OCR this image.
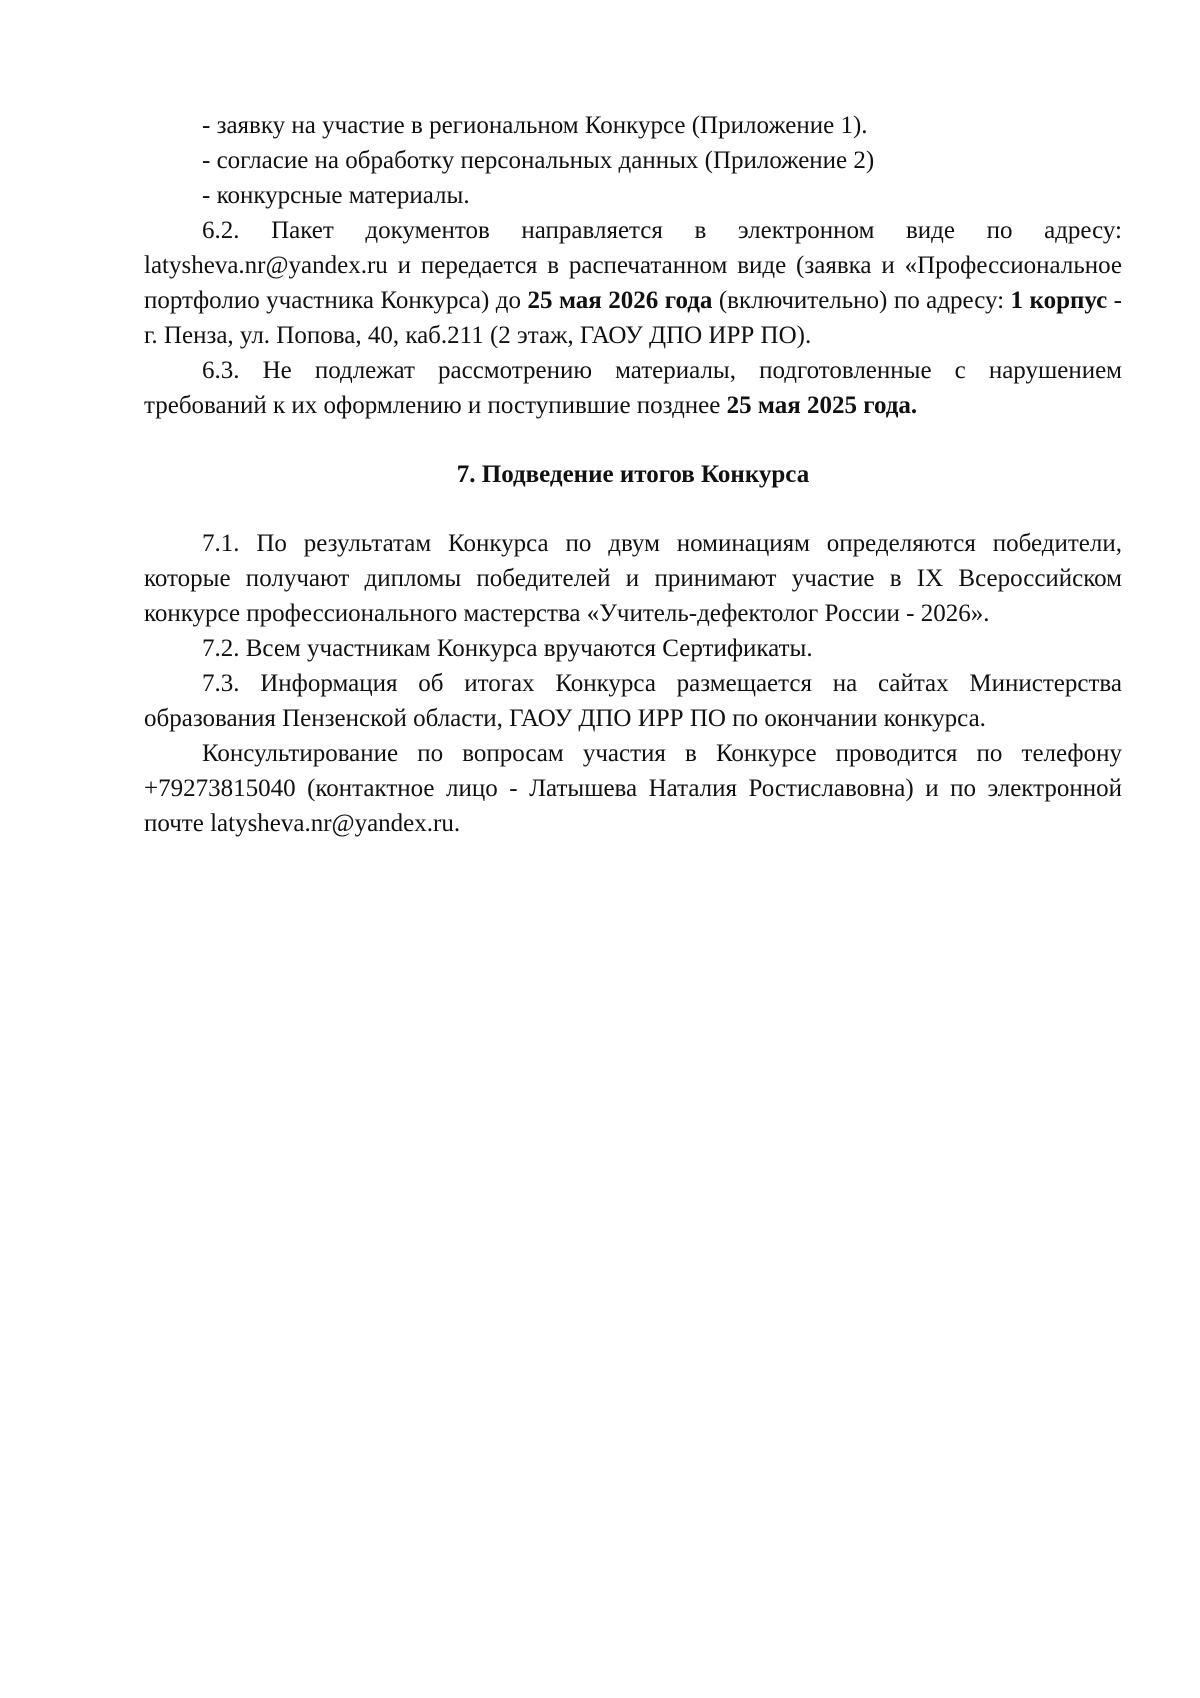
- заявку на участие в региональном Конкурсе (Приложение 1).

- согласие на обработку персональных данных (Приложение 2)

- конкурсные материалы.

6.2. Пакет документов направляется в электронном виде по адресу: latysheva.nr@yandex.ru и передается в распечатанном виде (заявка и «Профессиональное портфолио участника Конкурса) до 25 мая 2026 года (включительно) по адресу: 1 корпус - г. Пенза, ул. Попова, 40, каб.211 (2 этаж, ГАОУ ДПО ИРР ПО).

6.3. Не подлежат рассмотрению материалы, подготовленные с нарушением требований к их оформлению и поступившие позднее 25 мая 2025 года.

7. Подведение итогов Конкурса

7.1. По результатам Конкурса по двум номинациям определяются победители, которые получают дипломы победителей и принимают участие в IX Всероссийском конкурсе профессионального мастерства «Учитель-дефектолог России - 2026».

7.2. Всем участникам Конкурса вручаются Сертификаты.

7.3. Информация об итогах Конкурса размещается на сайтах Министерства образования Пензенской области, ГАОУ ДПО ИРР ПО по окончании конкурса.

Консультирование по вопросам участия в Конкурсе проводится по телефону +79273815040 (контактное лицо - Латышева Наталия Ростиславовна) и по электронной почте latysheva.nr@yandex.ru.
